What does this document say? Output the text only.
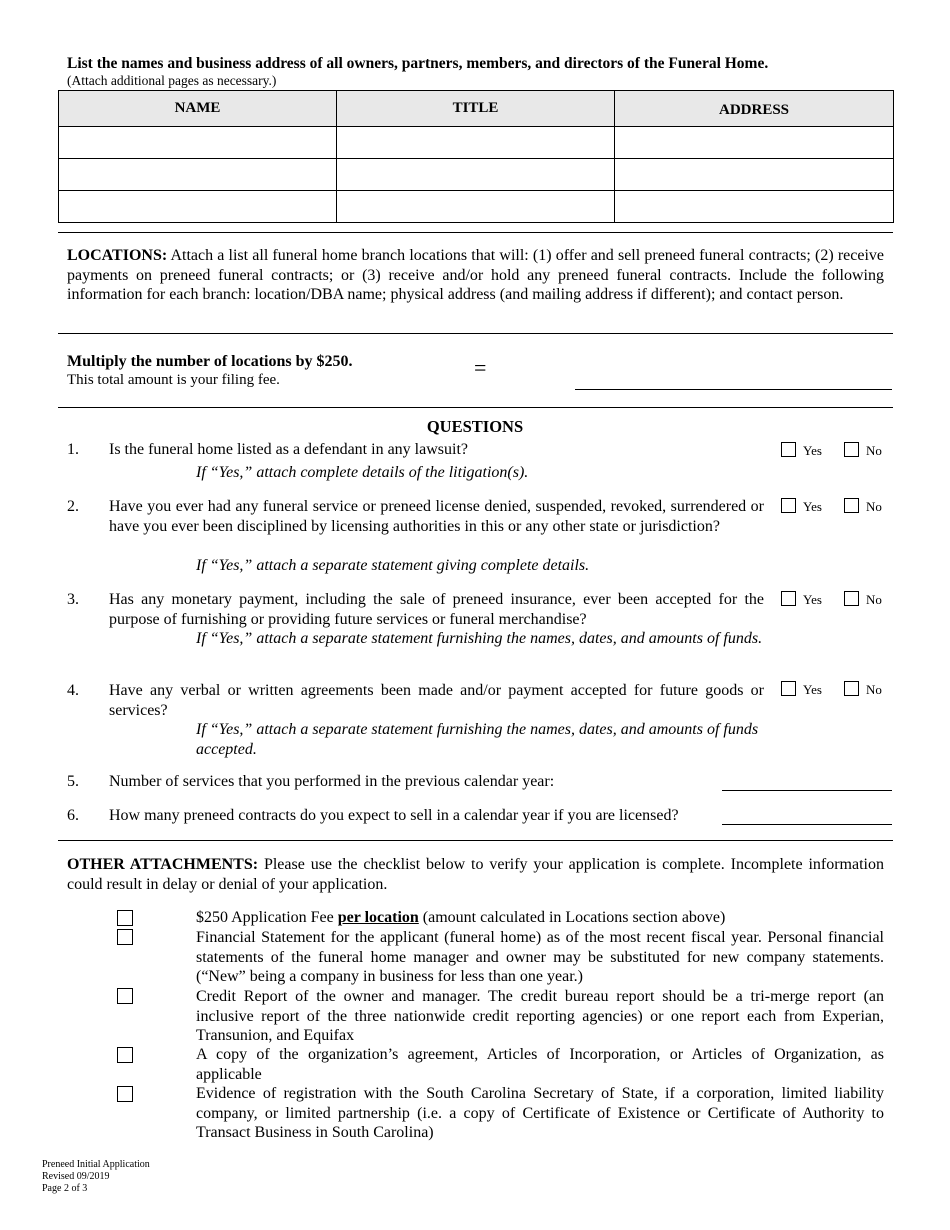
List the names and business address of all owners, partners, members, and directors of the Funeral Home.
(Attach additional pages as necessary.)
NAME	TITLE	ADDRESS

LOCATIONS: Attach a list all funeral home branch locations that will: (1) offer and sell preneed funeral contracts; (2) receive payments on preneed funeral contracts; or (3) receive and/or hold any preneed funeral contracts. Include the following information for each branch: location/DBA name; physical address (and mailing address if different); and contact person.
Multiply the number of locations by $250.
This total amount is your filing fee.	=
QUESTIONS
1. Is the funeral home listed as a defendant in any lawsuit?
If “Yes,” attach complete details of the litigation(s).
Yes	No
2. Have you ever had any funeral service or preneed license denied, suspended, revoked, surrendered or have you ever been disciplined by licensing authorities in this or any other state or jurisdiction?
If “Yes,” attach a separate statement giving complete details.
Yes	No
3. Has any monetary payment, including the sale of preneed insurance, ever been accepted for the purpose of furnishing or providing future services or funeral merchandise?
If “Yes,” attach a separate statement furnishing the names, dates, and amounts of funds.
Yes	No
4. Have any verbal or written agreements been made and/or payment accepted for future goods or services?
If “Yes,” attach a separate statement furnishing the names, dates, and amounts of funds accepted.
Yes	No
5. Number of services that you performed in the previous calendar year:
6. How many preneed contracts do you expect to sell in a calendar year if you are licensed?
OTHER ATTACHMENTS: Please use the checklist below to verify your application is complete. Incomplete information could result in delay or denial of your application.
$250 Application Fee per location (amount calculated in Locations section above)
Financial Statement for the applicant (funeral home) as of the most recent fiscal year. Personal financial statements of the funeral home manager and owner may be substituted for new company statements. (“New” being a company in business for less than one year.)
Credit Report of the owner and manager. The credit bureau report should be a tri-merge report (an inclusive report of the three nationwide credit reporting agencies) or one report each from Experian, Transunion, and Equifax
A copy of the organization’s agreement, Articles of Incorporation, or Articles of Organization, as applicable
Evidence of registration with the South Carolina Secretary of State, if a corporation, limited liability company, or limited partnership (i.e. a copy of Certificate of Existence or Certificate of Authority to Transact Business in South Carolina)
Preneed Initial Application
Revised 09/2019
Page 2 of 3
